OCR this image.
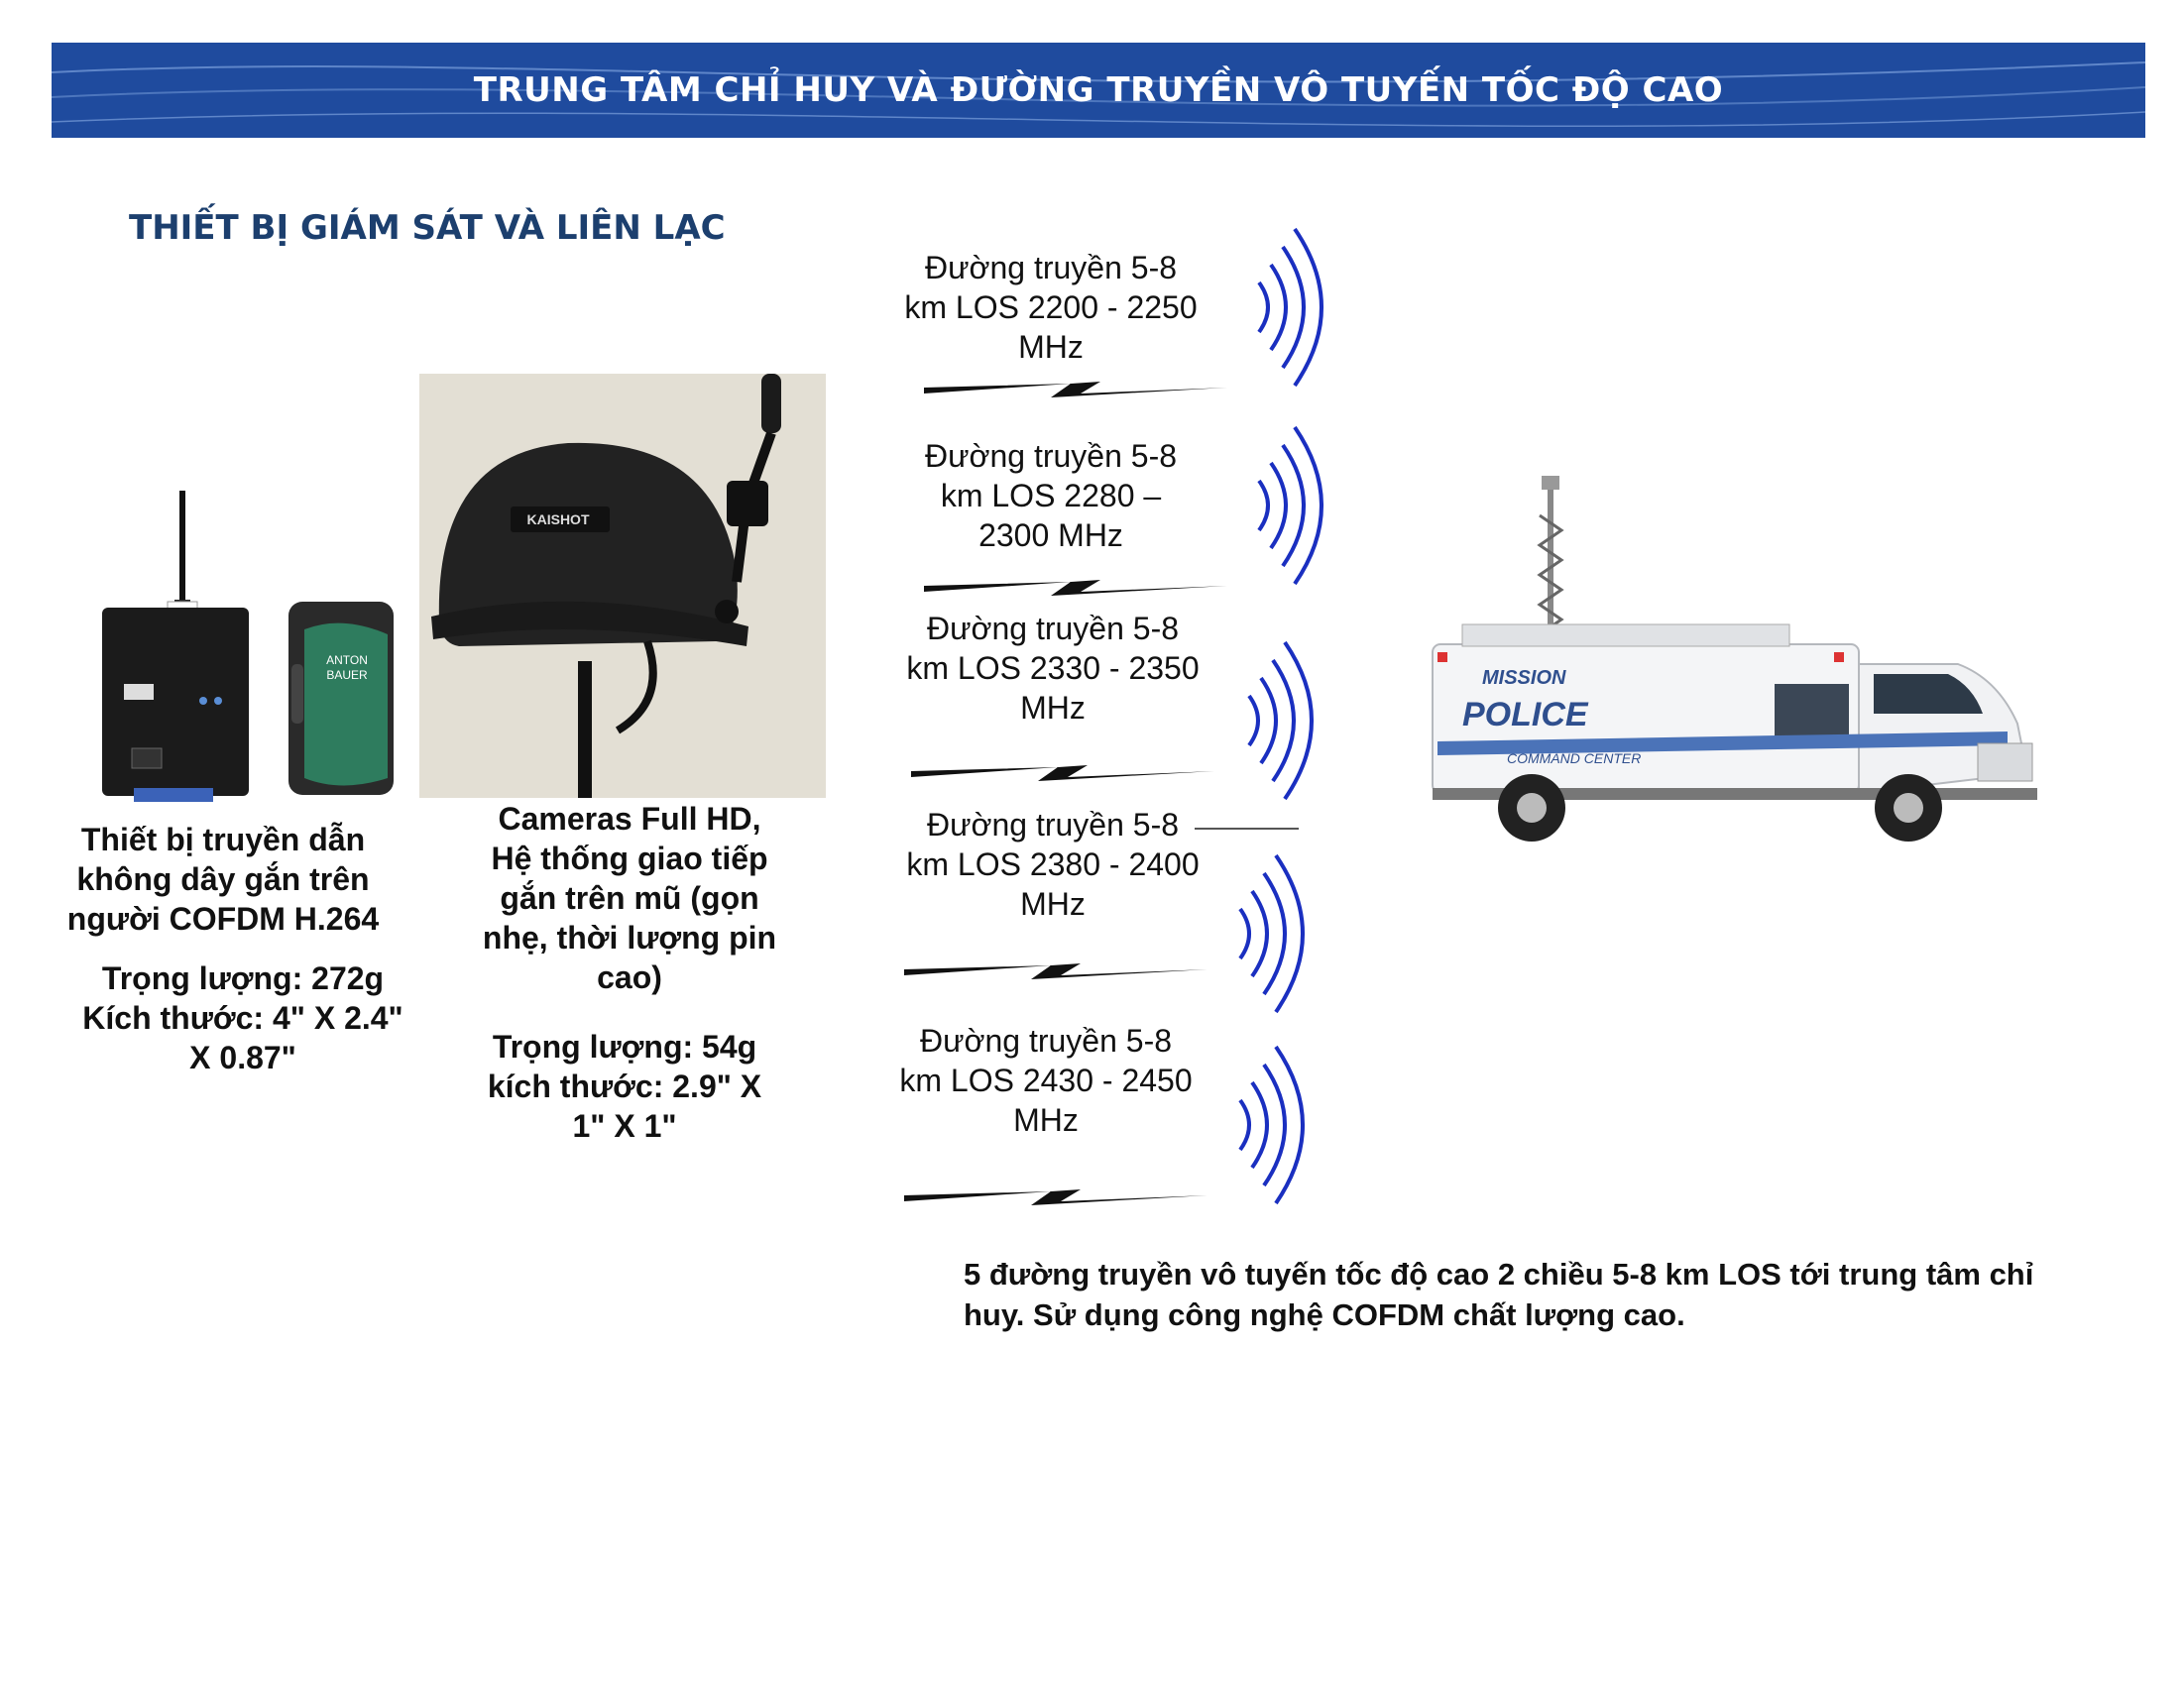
TRUNG TÂM CHỈ HUY VÀ ĐƯỜNG TRUYỀN VÔ TUYẾN TỐC ĐỘ CAO
THIẾT BỊ GIÁM SÁT VÀ LIÊN LẠC
ANTON
BAUER
KAISHOT
Thiết bị truyền dẫn
không dây gắn trên
người COFDM H.264
Trọng lượng: 272g
Kích thước: 4" X 2.4"
X 0.87"
Cameras Full HD,
Hệ thống giao tiếp
gắn trên mũ (gọn
nhẹ, thời lượng pin
cao)
Trọng lượng: 54g
kích thước: 2.9" X
1" X 1"
Đường truyền 5-8
km LOS 2200 - 2250
MHz
Đường truyền 5-8
km LOS 2280 –
2300 MHz
Đường truyền 5-8
km LOS 2330 - 2350
MHz
Đường truyền 5-8
km LOS 2380 - 2400
MHz
Đường truyền 5-8
km LOS 2430 - 2450
MHz
MISSION
POLICE
COMMAND CENTER
5 đường truyền vô tuyến tốc độ cao 2 chiều 5-8 km LOS tới trung tâm chỉ
huy. Sử dụng công nghệ COFDM chất lượng cao.
